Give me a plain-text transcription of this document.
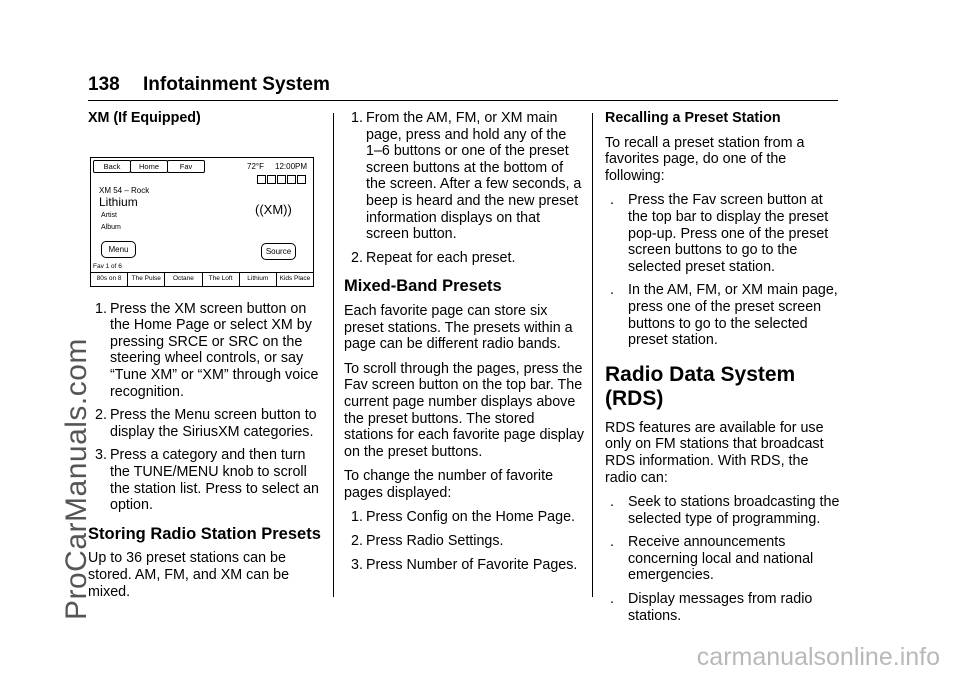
138 Infotainment System
XM (If Equipped)
Back	Home	Fav	72°F 12:00PM
XM 54 – Rock
Lithium
Artist
Album
((XM))
Menu	Source
Fav 1 of 6
80s on 8	The Pulse	Octane	The Loft	Lithium	Kids Place
1. Press the XM screen button on the Home Page or select XM by pressing SRCE or SRC on the steering wheel controls, or say “Tune XM” or “XM” through voice recognition.
2. Press the Menu screen button to display the SiriusXM categories.
3. Press a category and then turn the TUNE/MENU knob to scroll the station list. Press to select an option.
Storing Radio Station Presets

Up to 36 preset stations can be stored. AM, FM, and XM can be mixed.

1. From the AM, FM, or XM main page, press and hold any of the 1–6 buttons or one of the preset screen buttons at the bottom of the screen. After a few seconds, a beep is heard and the new preset information displays on that screen button.
2. Repeat for each preset.
Mixed-Band Presets

Each favorite page can store six preset stations. The presets within a page can be different radio bands.

To scroll through the pages, press the Fav screen button on the top bar. The current page number displays above the preset buttons. The stored stations for each favorite page display on the preset buttons.

To change the number of favorite pages displayed:

1. Press Config on the Home Page.
2. Press Radio Settings.
3. Press Number of Favorite Pages.
Recalling a Preset Station

To recall a preset station from a favorites page, do one of the following:

. Press the Fav screen button at the top bar to display the preset pop-up. Press one of the preset screen buttons to go to the selected preset station.
. In the AM, FM, or XM main page, press one of the preset screen buttons to go to the selected preset station.
Radio Data System (RDS)

RDS features are available for use only on FM stations that broadcast RDS information. With RDS, the radio can:

. Seek to stations broadcasting the selected type of programming.
. Receive announcements concerning local and national emergencies.
. Display messages from radio stations.
ProCarManuals.com
carmanualsonline.info
